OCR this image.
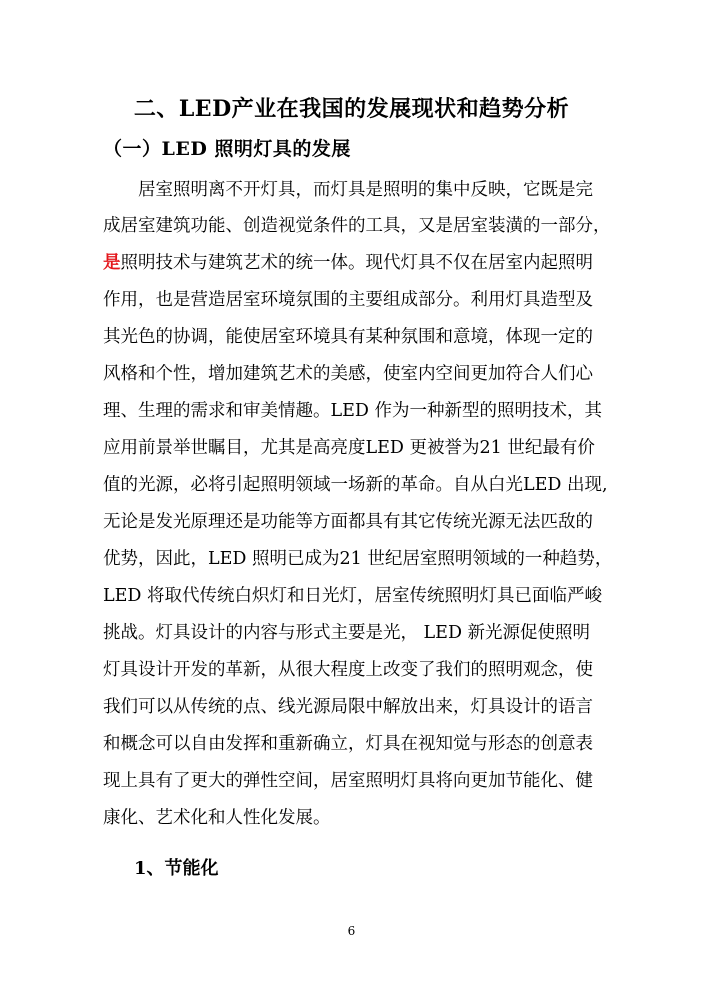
二、LED产业在我国的发展现状和趋势分析
（一）LED 照明灯具的发展
居室照明离不开灯具，而灯具是照明的集中反映，它既是完
成居室建筑功能、创造视觉条件的工具，又是居室装潢的一部分，
是照明技术与建筑艺术的统一体。现代灯具不仅在居室内起照明
作用，也是营造居室环境氛围的主要组成部分。利用灯具造型及
其光色的协调，能使居室环境具有某种氛围和意境，体现一定的
风格和个性，增加建筑艺术的美感，使室内空间更加符合人们心
理、生理的需求和审美情趣。LED 作为一种新型的照明技术，其
应用前景举世瞩目，尤其是高亮度LED 更被誉为21 世纪最有价
值的光源，必将引起照明领域一场新的革命。自从白光LED 出现,
无论是发光原理还是功能等方面都具有其它传统光源无法匹敌的
优势，因此，LED 照明已成为21 世纪居室照明领域的一种趋势，
LED 将取代传统白炽灯和日光灯，居室传统照明灯具已面临严峻
挑战。灯具设计的内容与形式主要是光， LED 新光源促使照明
灯具设计开发的革新，从很大程度上改变了我们的照明观念，使
我们可以从传统的点、线光源局限中解放出来，灯具设计的语言
和概念可以自由发挥和重新确立，灯具在视知觉与形态的创意表
现上具有了更大的弹性空间，居室照明灯具将向更加节能化、健
康化、艺术化和人性化发展。
1、节能化
6
